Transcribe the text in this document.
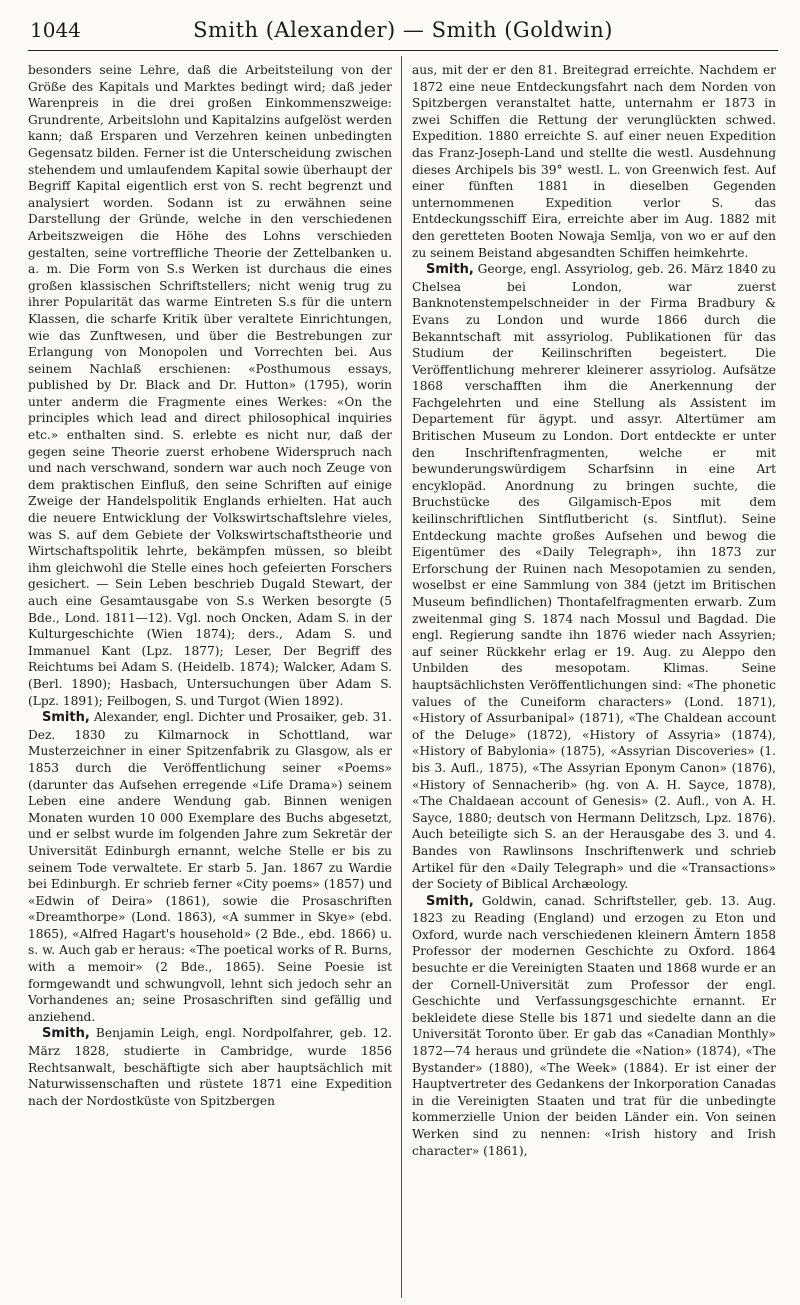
1044	Smith (Alexander) — Smith (Goldwin)

besonders seine Lehre, daß die Arbeitsteilung von der Größe des Kapitals und Marktes bedingt wird; daß jeder Warenpreis in die drei großen Einkommenszweige: Grundrente, Arbeitslohn und Kapitalzins aufgelöst werden kann; daß Ersparen und Verzehren keinen unbedingten Gegensatz bilden. Ferner ist die Unterscheidung zwischen stehendem und umlaufendem Kapital sowie überhaupt der Begriff Kapital eigentlich erst von S. recht begrenzt und analysiert worden. Sodann ist zu erwähnen seine Darstellung der Gründe, welche in den verschiedenen Arbeitszweigen die Höhe des Lohns verschieden gestalten, seine vortreffliche Theorie der Zettelbanken u. a. m. Die Form von S.s Werken ist durchaus die eines großen klassischen Schriftstellers; nicht wenig trug zu ihrer Popularität das warme Eintreten S.s für die untern Klassen, die scharfe Kritik über veraltete Einrichtungen, wie das Zunftwesen, und über die Bestrebungen zur Erlangung von Monopolen und Vorrechten bei. Aus seinem Nachlaß erschienen: «Posthumous essays, published by Dr. Black and Dr. Hutton» (1795), worin unter anderm die Fragmente eines Werkes: «On the principles which lead and direct philosophical inquiries etc.» enthalten sind. S. erlebte es nicht nur, daß der gegen seine Theorie zuerst erhobene Widerspruch nach und nach verschwand, sondern war auch noch Zeuge von dem praktischen Einfluß, den seine Schriften auf einige Zweige der Handelspolitik Englands erhielten. Hat auch die neuere Entwicklung der Volkswirtschaftslehre vieles, was S. auf dem Gebiete der Volkswirtschaftstheorie und Wirtschaftspolitik lehrte, bekämpfen müssen, so bleibt ihm gleichwohl die Stelle eines hoch gefeierten Forschers gesichert. — Sein Leben beschrieb Dugald Stewart, der auch eine Gesamtausgabe von S.s Werken besorgte (5 Bde., Lond. 1811—12). Vgl. noch Oncken, Adam S. in der Kulturgeschichte (Wien 1874); ders., Adam S. und Immanuel Kant (Lpz. 1877); Leser, Der Begriff des Reichtums bei Adam S. (Heidelb. 1874); Walcker, Adam S. (Berl. 1890); Hasbach, Untersuchungen über Adam S. (Lpz. 1891); Feilbogen, S. und Turgot (Wien 1892).

Smith, Alexander, engl. Dichter und Prosaiker, geb. 31. Dez. 1830 zu Kilmarnock in Schottland, war Musterzeichner in einer Spitzenfabrik zu Glasgow, als er 1853 durch die Veröffentlichung seiner «Poems» (darunter das Aufsehen erregende «Life Drama») seinem Leben eine andere Wendung gab. Binnen wenigen Monaten wurden 10 000 Exemplare des Buchs abgesetzt, und er selbst wurde im folgenden Jahre zum Sekretär der Universität Edinburgh ernannt, welche Stelle er bis zu seinem Tode verwaltete. Er starb 5. Jan. 1867 zu Wardie bei Edinburgh. Er schrieb ferner «City poems» (1857) und «Edwin of Deira» (1861), sowie die Prosaschriften «Dreamthorpe» (Lond. 1863), «A summer in Skye» (ebd. 1865), «Alfred Hagart's household» (2 Bde., ebd. 1866) u. s. w. Auch gab er heraus: «The poetical works of R. Burns, with a memoir» (2 Bde., 1865). Seine Poesie ist formgewandt und schwungvoll, lehnt sich jedoch sehr an Vorhandenes an; seine Prosaschriften sind gefällig und anziehend.

Smith, Benjamin Leigh, engl. Nordpolfahrer, geb. 12. März 1828, studierte in Cambridge, wurde 1856 Rechtsanwalt, beschäftigte sich aber hauptsächlich mit Naturwissenschaften und rüstete 1871 eine Expedition nach der Nordostküste von Spitzbergen

aus, mit der er den 81. Breitegrad erreichte. Nachdem er 1872 eine neue Entdeckungsfahrt nach dem Norden von Spitzbergen veranstaltet hatte, unternahm er 1873 in zwei Schiffen die Rettung der verunglückten schwed. Expedition. 1880 erreichte S. auf einer neuen Expedition das Franz-Joseph-Land und stellte die westl. Ausdehnung dieses Archipels bis 39° westl. L. von Greenwich fest. Auf einer fünften 1881 in dieselben Gegenden unternommenen Expedition verlor S. das Entdeckungsschiff Eira, erreichte aber im Aug. 1882 mit den geretteten Booten Nowaja Semlja, von wo er auf den zu seinem Beistand abgesandten Schiffen heimkehrte.

Smith, George, engl. Assyriolog, geb. 26. März 1840 zu Chelsea bei London, war zuerst Banknotenstempelschneider in der Firma Bradbury & Evans zu London und wurde 1866 durch die Bekanntschaft mit assyriolog. Publikationen für das Studium der Keilinschriften begeistert. Die Veröffentlichung mehrerer kleinerer assyriolog. Aufsätze 1868 verschafften ihm die Anerkennung der Fachgelehrten und eine Stellung als Assistent im Departement für ägypt. und assyr. Altertümer am Britischen Museum zu London. Dort entdeckte er unter den Inschriftenfragmenten, welche er mit bewunderungswürdigem Scharfsinn in eine Art encyklopäd. Anordnung zu bringen suchte, die Bruchstücke des Gilgamisch-Epos mit dem keilinschriftlichen Sintflutbericht (s. Sintflut). Seine Entdeckung machte großes Aufsehen und bewog die Eigentümer des «Daily Telegraph», ihn 1873 zur Erforschung der Ruinen nach Mesopotamien zu senden, woselbst er eine Sammlung von 384 (jetzt im Britischen Museum befindlichen) Thontafelfragmenten erwarb. Zum zweitenmal ging S. 1874 nach Mossul und Bagdad. Die engl. Regierung sandte ihn 1876 wieder nach Assyrien; auf seiner Rückkehr erlag er 19. Aug. zu Aleppo den Unbilden des mesopotam. Klimas. Seine hauptsächlichsten Veröffentlichungen sind: «The phonetic values of the Cuneiform characters» (Lond. 1871), «History of Assurbanipal» (1871), «The Chaldean account of the Deluge» (1872), «History of Assyria» (1874), «History of Babylonia» (1875), «Assyrian Discoveries» (1. bis 3. Aufl., 1875), «The Assyrian Eponym Canon» (1876), «History of Sennacherib» (hg. von A. H. Sayce, 1878), «The Chaldaean account of Genesis» (2. Aufl., von A. H. Sayce, 1880; deutsch von Hermann Delitzsch, Lpz. 1876). Auch beteiligte sich S. an der Herausgabe des 3. und 4. Bandes von Rawlinsons Inschriftenwerk und schrieb Artikel für den «Daily Telegraph» und die «Transactions» der Society of Biblical Archæology.

Smith, Goldwin, canad. Schriftsteller, geb. 13. Aug. 1823 zu Reading (England) und erzogen zu Eton und Oxford, wurde nach verschiedenen kleinern Ämtern 1858 Professor der modernen Geschichte zu Oxford. 1864 besuchte er die Vereinigten Staaten und 1868 wurde er an der Cornell-Universität zum Professor der engl. Geschichte und Verfassungsgeschichte ernannt. Er bekleidete diese Stelle bis 1871 und siedelte dann an die Universität Toronto über. Er gab das «Canadian Monthly» 1872—74 heraus und gründete die «Nation» (1874), «The Bystander» (1880), «The Week» (1884). Er ist einer der Hauptvertreter des Gedankens der Inkorporation Canadas in die Vereinigten Staaten und trat für die unbedingte kommerzielle Union der beiden Länder ein. Von seinen Werken sind zu nennen: «Irish history and Irish character» (1861),
